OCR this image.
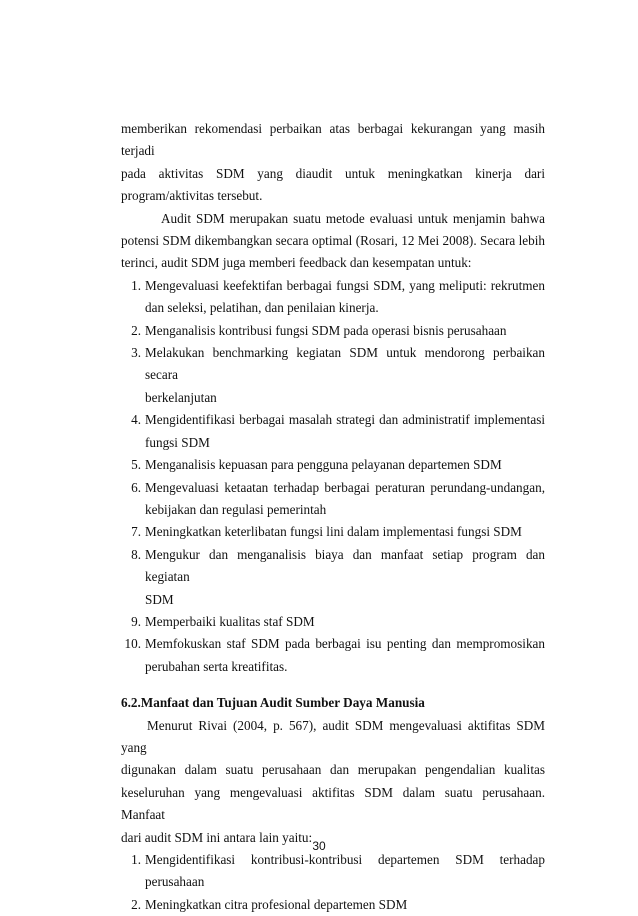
memberikan rekomendasi perbaikan atas berbagai kekurangan yang masih terjadi

pada aktivitas SDM yang diaudit untuk meningkatkan kinerja dari

program/aktivitas tersebut.

Audit SDM merupakan suatu metode evaluasi untuk menjamin bahwa

potensi SDM dikembangkan secara optimal (Rosari, 12 Mei 2008). Secara lebih

terinci, audit SDM juga memberi feedback dan kesempatan untuk:

1. Mengevaluasi keefektifan berbagai fungsi SDM, yang meliputi: rekrutmen

dan seleksi, pelatihan, dan penilaian kinerja.

2. Menganalisis kontribusi fungsi SDM pada operasi bisnis perusahaan

3. Melakukan benchmarking kegiatan SDM untuk mendorong perbaikan secara

berkelanjutan

4. Mengidentifikasi berbagai masalah strategi dan administratif implementasi

fungsi SDM

5. Menganalisis kepuasan para pengguna pelayanan departemen SDM

6. Mengevaluasi ketaatan terhadap berbagai peraturan perundang-undangan,

kebijakan dan regulasi pemerintah

7. Meningkatkan keterlibatan fungsi lini dalam implementasi fungsi SDM

8. Mengukur dan menganalisis biaya dan manfaat setiap program dan kegiatan

SDM

9. Memperbaiki kualitas staf SDM

10. Memfokuskan staf SDM pada berbagai isu penting dan mempromosikan

perubahan serta kreatifitas.

6.2.Manfaat dan Tujuan Audit Sumber Daya Manusia

Menurut Rivai (2004, p. 567), audit SDM mengevaluasi aktifitas SDM yang

digunakan dalam suatu perusahaan dan merupakan pengendalian kualitas

keseluruhan yang mengevaluasi aktifitas SDM dalam suatu perusahaan. Manfaat

dari audit SDM ini antara lain yaitu:

1. Mengidentifikasi kontribusi-kontribusi departemen SDM terhadap

perusahaan

2. Meningkatkan citra profesional departemen SDM

30
